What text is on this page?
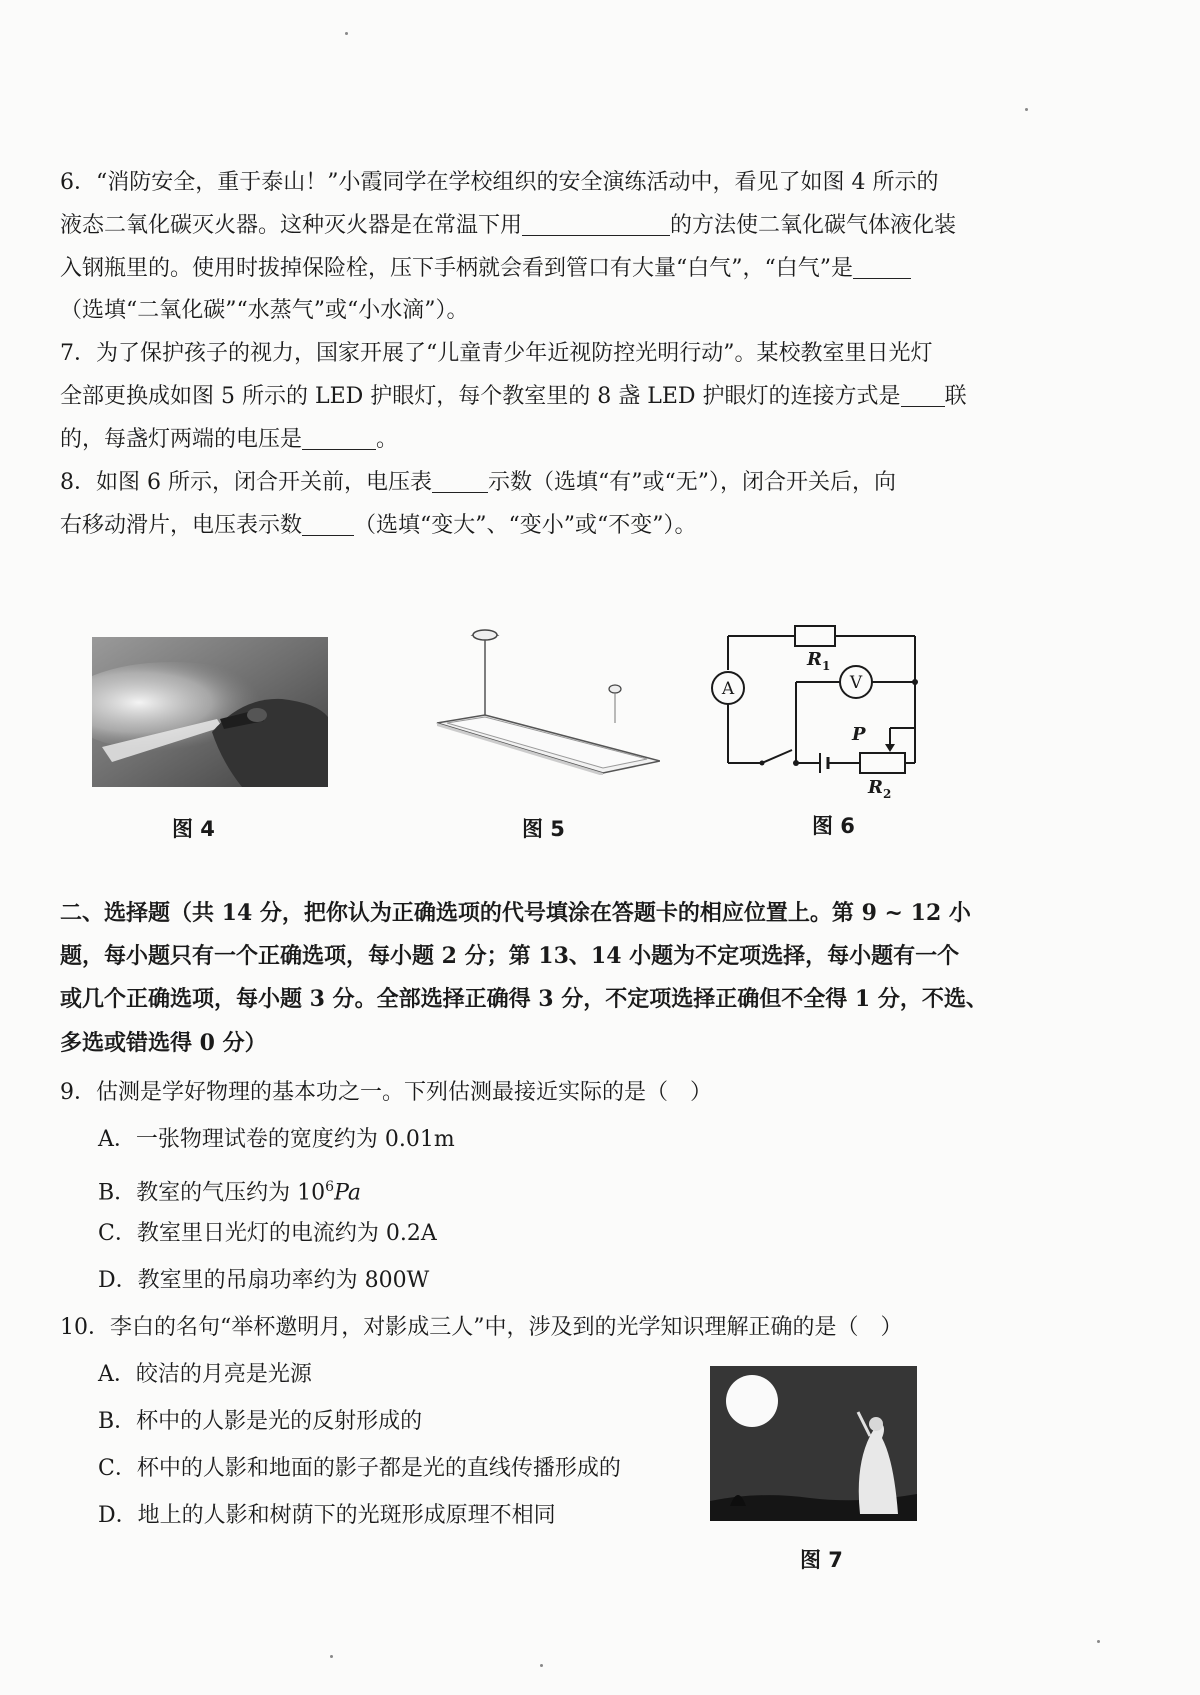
6．“消防安全，重于泰山！”小霞同学在学校组织的安全演练活动中，看见了如图 4 所示的
液态二氧化碳灭火器。这种灭火器是在常温下用	的方法使二氧化碳气体液化装
入钢瓶里的。使用时拔掉保险栓，压下手柄就会看到管口有大量“白气”，“白气”是
（选填“二氧化碳”“水蒸气”或“小水滴”）。
7．为了保护孩子的视力，国家开展了“儿童青少年近视防控光明行动”。某校教室里日光灯
全部更换成如图 5 所示的 LED 护眼灯，每个教室里的 8 盏 LED 护眼灯的连接方式是 联
的，每盏灯两端的电压是	。
8．如图 6 所示，闭合开关前，电压表	示数（选填“有”或“无”），闭合开关后，向
右移动滑片，电压表示数 （选填“变大”、“变小”或“不变”）。
图 4	图 5
$R_1$
$R_2$
P
A	V
图 6
二、选择题（共 14 分，把你认为正确选项的代号填涂在答题卡的相应位置上。第 9 ~ 12 小
题，每小题只有一个正确选项，每小题 2 分；第 13、14 小题为不定项选择，每小题有一个
或几个正确选项，每小题 3 分。全部选择正确得 3 分，不定项选择正确但不全得 1 分，不选、
多选或错选得 0 分）
9．估测是学好物理的基本功之一。下列估测最接近实际的是（　）
A．一张物理试卷的宽度约为 0.01m
B．教室的气压约为 $10^6Pa$
C．教室里日光灯的电流约为 0.2A
D．教室里的吊扇功率约为 800W
10．李白的名句“举杯邀明月，对影成三人”中，涉及到的光学知识理解正确的是（　）
A．皎洁的月亮是光源
B．杯中的人影是光的反射形成的
C．杯中的人影和地面的影子都是光的直线传播形成的
D．地上的人影和树荫下的光斑形成原理不相同
图 7
